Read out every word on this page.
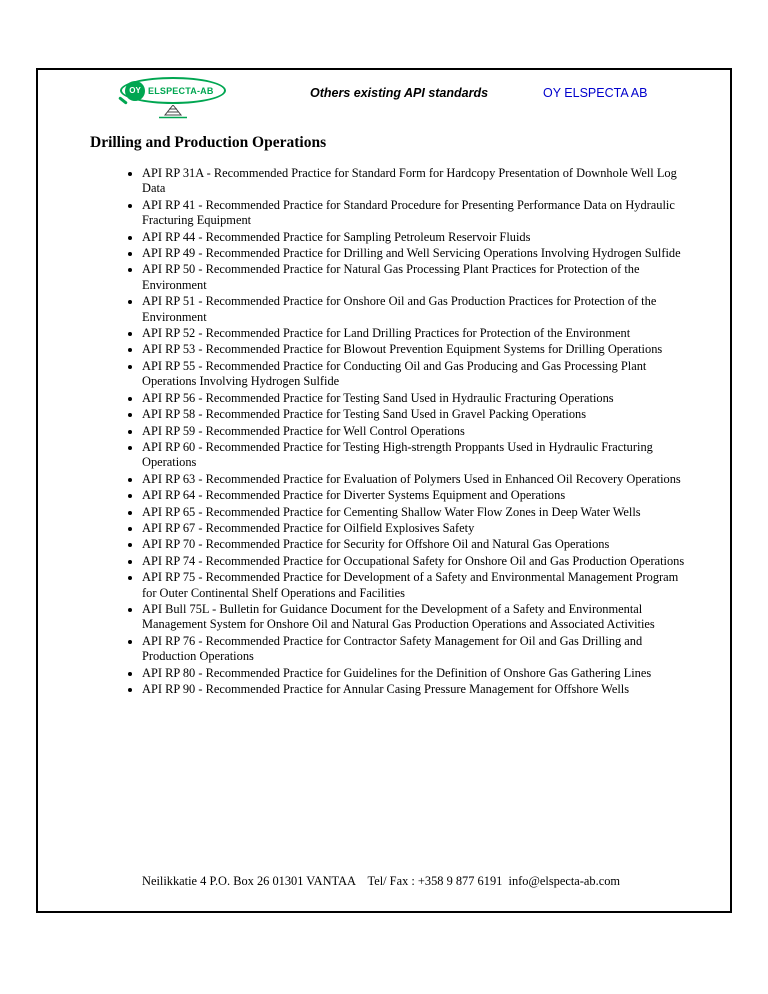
OY ELSPECTA-AB	Others existing API standards	OY ELSPECTA AB
Drilling and Production Operations
• API RP 31A - Recommended Practice for Standard Form for Hardcopy Presentation of Downhole Well Log Data
• API RP 41 - Recommended Practice for Standard Procedure for Presenting Performance Data on Hydraulic Fracturing Equipment
• API RP 44 - Recommended Practice for Sampling Petroleum Reservoir Fluids
• API RP 49 - Recommended Practice for Drilling and Well Servicing Operations Involving Hydrogen Sulfide
• API RP 50 - Recommended Practice for Natural Gas Processing Plant Practices for Protection of the Environment
• API RP 51 - Recommended Practice for Onshore Oil and Gas Production Practices for Protection of the Environment
• API RP 52 - Recommended Practice for Land Drilling Practices for Protection of the Environment
• API RP 53 - Recommended Practice for Blowout Prevention Equipment Systems for Drilling Operations
• API RP 55 - Recommended Practice for Conducting Oil and Gas Producing and Gas Processing Plant Operations Involving Hydrogen Sulfide
• API RP 56 - Recommended Practice for Testing Sand Used in Hydraulic Fracturing Operations
• API RP 58 - Recommended Practice for Testing Sand Used in Gravel Packing Operations
• API RP 59 - Recommended Practice for Well Control Operations
• API RP 60 - Recommended Practice for Testing High-strength Proppants Used in Hydraulic Fracturing Operations
• API RP 63 - Recommended Practice for Evaluation of Polymers Used in Enhanced Oil Recovery Operations
• API RP 64 - Recommended Practice for Diverter Systems Equipment and Operations
• API RP 65 - Recommended Practice for Cementing Shallow Water Flow Zones in Deep Water Wells
• API RP 67 - Recommended Practice for Oilfield Explosives Safety
• API RP 70 - Recommended Practice for Security for Offshore Oil and Natural Gas Operations
• API RP 74 - Recommended Practice for Occupational Safety for Onshore Oil and Gas Production Operations
• API RP 75 - Recommended Practice for Development of a Safety and Environmental Management Program for Outer Continental Shelf Operations and Facilities
• API Bull 75L - Bulletin for Guidance Document for the Development of a Safety and Environmental Management System for Onshore Oil and Natural Gas Production Operations and Associated Activities
• API RP 76 - Recommended Practice for Contractor Safety Management for Oil and Gas Drilling and Production Operations
• API RP 80 - Recommended Practice for Guidelines for the Definition of Onshore Gas Gathering Lines
• API RP 90 - Recommended Practice for Annular Casing Pressure Management for Offshore Wells

Neilikkatie 4 P.O. Box 26 01301 VANTAA    Tel/ Fax : +358 9 877 6191  info@elspecta-ab.com
